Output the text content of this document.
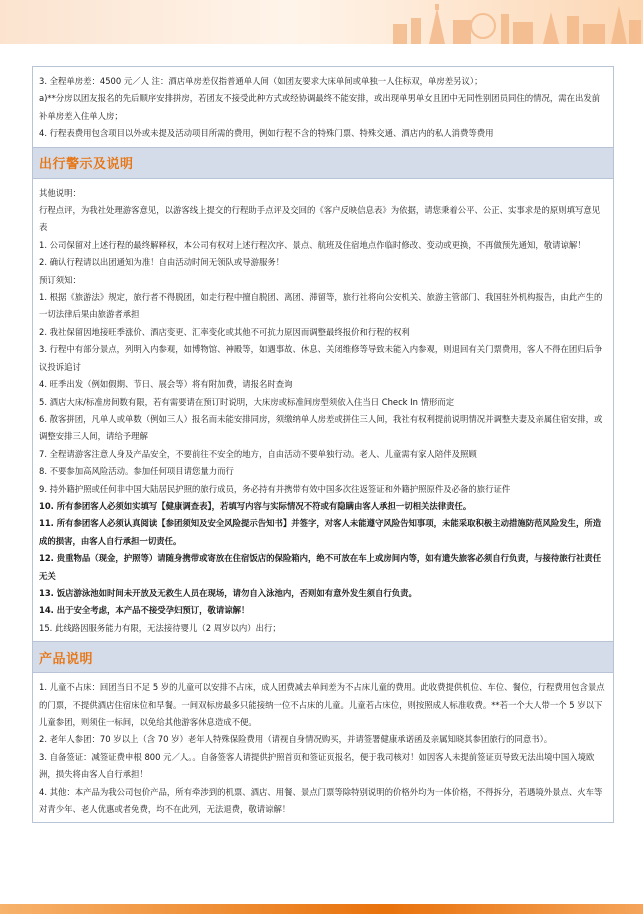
3. 全程单房差：4500 元／人 注：酒店单房差仅指普通单人间（如团友要求大床单间或单独一人住标双，单房差另议）；
a)**分房以团友报名的先后顺序安排拼房，若团友不接受此种方式或经协调最终不能安排，或出现单男单女且团中无同性别团员同住的情况，需在出发前补单房差入住单人房；
4. 行程表费用包含项目以外或未提及活动项目所需的费用，例如行程不含的特殊门票、特殊交通、酒店内的私人消费等费用
出行警示及说明
其他说明：
行程点评，为我社处理游客意见，以游客线上提交的行程助手点评及交回的《客户反映信息表》为依据，请您秉着公平、公正、实事求是的原则填写意见表
1. 公司保留对上述行程的最终解释权，本公司有权对上述行程次序、景点、航班及住宿地点作临时修改、变动或更换，不再做预先通知，敬请谅解！
2. 确认行程请以出团通知为准！自由活动时间无领队或导游服务！
预订须知：
1. 根据《旅游法》规定，旅行者不得脱团，如走行程中擅自脱团、离团、滞留等，旅行社将向公安机关、旅游主管部门、我国驻外机构报告，由此产生的一切法律后果由旅游者承担
2. 我社保留因地接旺季涨价、酒店变更、汇率变化或其他不可抗力原因而调整最终报价和行程的权利
3. 行程中有部分景点，列明入内参观，如博物馆、神殿等，如遇事故、休息、关闭维修等导致未能入内参观，则退回有关门票费用，客人不得在团归后争议投诉追讨
4. 旺季出发（例如假期、节日、展会等）将有附加费，请报名时查询
5. 酒店大床/标准房间数有限，若有需要请在预订时说明，大床房或标准间房型须依入住当日 Check In 情形而定
6. 散客拼团，凡单人或单数（例如三人）报名而未能安排同房，须缴纳单人房差或拼住三人间，我社有权利提前说明情况并调整夫妻及亲属住宿安排，或调整安排三人间，请给予理解
7. 全程请游客注意人身及产品安全，不要前往不安全的地方，自由活动不要单独行动。老人、儿童需有家人陪伴及照顾
8. 不要参加高风险活动。参加任何项目请您量力而行
9. 持外籍护照或任何非中国大陆居民护照的旅行成员，务必持有并携带有效中国多次往返签证和外籍护照原件及必备的旅行证件
10. 所有参团客人必须如实填写【健康调查表】，若填写内容与实际情况不符或有隐瞒由客人承担一切相关法律责任。
11. 所有参团客人必须认真阅读【参团须知及安全风险提示告知书】并签字，对客人未能遵守风险告知事项，未能采取积极主动措施防范风险发生，所造成的损害，由客人自行承担一切责任。
12. 贵重物品（现金，护照等）请随身携带或寄放在住宿饭店的保险箱内，绝不可放在车上或房间内等，如有遗失旅客必须自行负责，与接待旅行社责任无关
13. 饭店游泳池如时间未开放及无救生人员在现场，请勿自入泳池内，否则如有意外发生须自行负责。
14. 出于安全考虑，本产品不接受孕妇预订，敬请谅解！
15. 此线路因服务能力有限，无法接待婴儿（2 周岁以内）出行；
产品说明
1. 儿童不占床：回团当日不足 5 岁的儿童可以安排不占床，成人团费减去单间差为不占床儿童的费用。此收费提供机位、车位、餐位，行程费用包含景点的门票，不提供酒店住宿床位和早餐。一间双标房最多只能接纳一位不占床的儿童。儿童若占床位，则按照成人标准收费。**若一个大人带一个 5 岁以下儿童参团，则须住一标间，以免给其他游客休息造成不便。
2. 老年人参团：70 岁以上（含 70 岁）老年人特殊保险费用（请视自身情况购买，并请签署健康承诺函及亲属知晓其参团旅行的同意书）。
3. 自备签证：减签证费申根 800 元／人。。自备签客人请提供护照首页和签证页报名，便于我司核对！如因客人未提前签证页导致无法出境中国入境欧洲，损失将由客人自行承担！
4. 其他：本产品为我公司包价产品，所有牵涉到的机票、酒店、用餐、景点门票等除特别说明的价格外均为一体价格，不得拆分，若遇境外景点、火车等对青少年、老人优惠或者免费，均不在此列，无法退费，敬请谅解！
